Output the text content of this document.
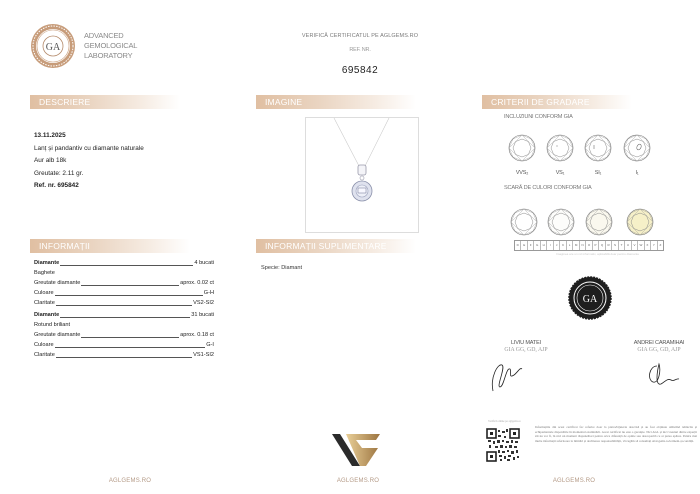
GA
ADVANCED
GEMOLOGICAL
LABORATORY
VERIFICĂ CERTIFICATUL PE AGLGEMS.RO
REF. NR.
695842
DESCRIERE
13.11.2025
Lanț și pandantiv cu diamante naturale
Aur alb 18k
Greutate: 2.11 gr.
Ref. nr. 695842
INFORMAȚII
Diamante	4 bucati
Baghete
Greutate diamante	aprox. 0.02 ct
Culoare	G-H
Claritate	VS2-SI2
Diamante	31 bucati
Rotund briliant
Greutate diamante	aprox. 0.18 ct
Culoare	G-I
Claritate	VS1-SI2
IMAGINE
INFORMAȚII SUPLIMENTARE
Specie: Diamant
CRITERII DE GRADARE
INCLUZIUNI CONFORM GIA
VVS₂	VS₁	SI₁	I₁
SCARĂ DE CULORI CONFORM GIA
D	E	F	G	H	I	J	K	L	M	N	O	P	Q	R	S	T	U	V	W	X	Y	Z
Imaginea are un rol informativ, aplicabilă doar pentru diamante
GA
LIVIU MATEI
GIA GG, GD, AJP
ANDREI CARAMIHAI
GIA GG, GD, AJP
Verifică online pe aglgems.ro
Informațiile din acest certificat fac referire doar la piatra/bijuteria descrisă și au fost obținute utilizând tehnicile și echipamentele disponibile în momentul examinării. Acest certificat nu este o garanție. Nici AGL și nici vreunul dintre experții săi nu vor fi, în nici un moment răspunzători pentru orice diferență de opinie sau descoperită ce ar putea apărea. Pentru mai multe informații referitoare la limitări și declinarea responsabilității, vă rugăm să consultați AGLgems.ro/termeni-și-condiții.
AGLGEMS.RO	AGLGEMS.RO	AGLGEMS.RO
